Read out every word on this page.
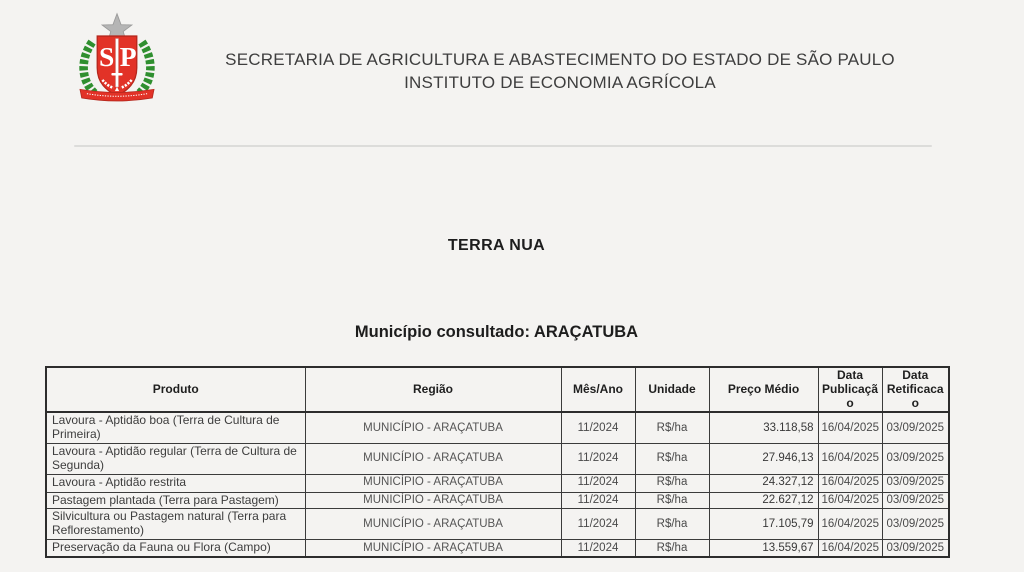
S P	SECRETARIA DE AGRICULTURA E ABASTECIMENTO DO ESTADO DE SÃO PAULO
INSTITUTO DE ECONOMIA AGRÍCOLA
TERRA NUA
Município consultado: ARAÇATUBA
Produto	Região	Mês/Ano	Unidade	Preço Médio	Data Publicação	Data Retificacao
Lavoura - Aptidão boa (Terra de Cultura de Primeira)	MUNICÍPIO - ARAÇATUBA	11/2024	R$/ha	33.118,58	16/04/2025	03/09/2025
Lavoura - Aptidão regular (Terra de Cultura de Segunda)	MUNICÍPIO - ARAÇATUBA	11/2024	R$/ha	27.946,13	16/04/2025	03/09/2025
Lavoura - Aptidão restrita	MUNICÍPIO - ARAÇATUBA	11/2024	R$/ha	24.327,12	16/04/2025	03/09/2025
Pastagem plantada (Terra para Pastagem)	MUNICÍPIO - ARAÇATUBA	11/2024	R$/ha	22.627,12	16/04/2025	03/09/2025
Silvicultura ou Pastagem natural (Terra para Reflorestamento)	MUNICÍPIO - ARAÇATUBA	11/2024	R$/ha	17.105,79	16/04/2025	03/09/2025
Preservação da Fauna ou Flora (Campo)	MUNICÍPIO - ARAÇATUBA	11/2024	R$/ha	13.559,67	16/04/2025	03/09/2025
